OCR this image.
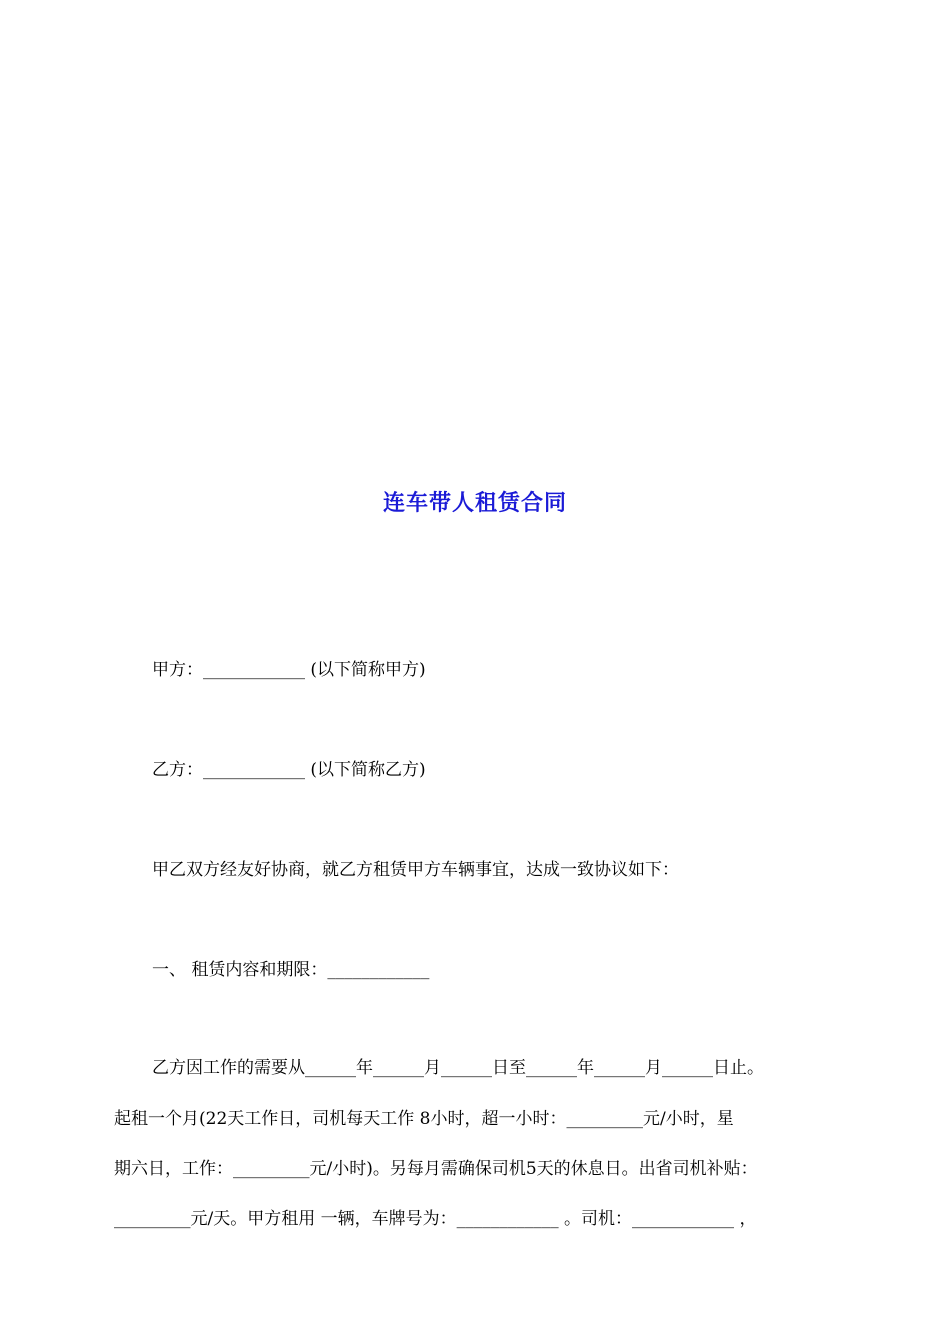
连车带人租赁合同
甲方：____________ (以下简称甲方)
乙方：____________ (以下简称乙方)
甲乙双方经友好协商，就乙方租赁甲方车辆事宜，达成一致协议如下：
一、 租赁内容和期限：____________
乙方因工作的需要从______年______月______日至______年______月______日止。
起租一个月(22天工作日，司机每天工作 8小时，超一小时：_________元/小时，星
期六日，工作：_________元/小时)。另每月需确保司机5天的休息日。出省司机补贴：
_________元/天。甲方租用 一辆，车牌号为：____________ 。司机：____________ ，
